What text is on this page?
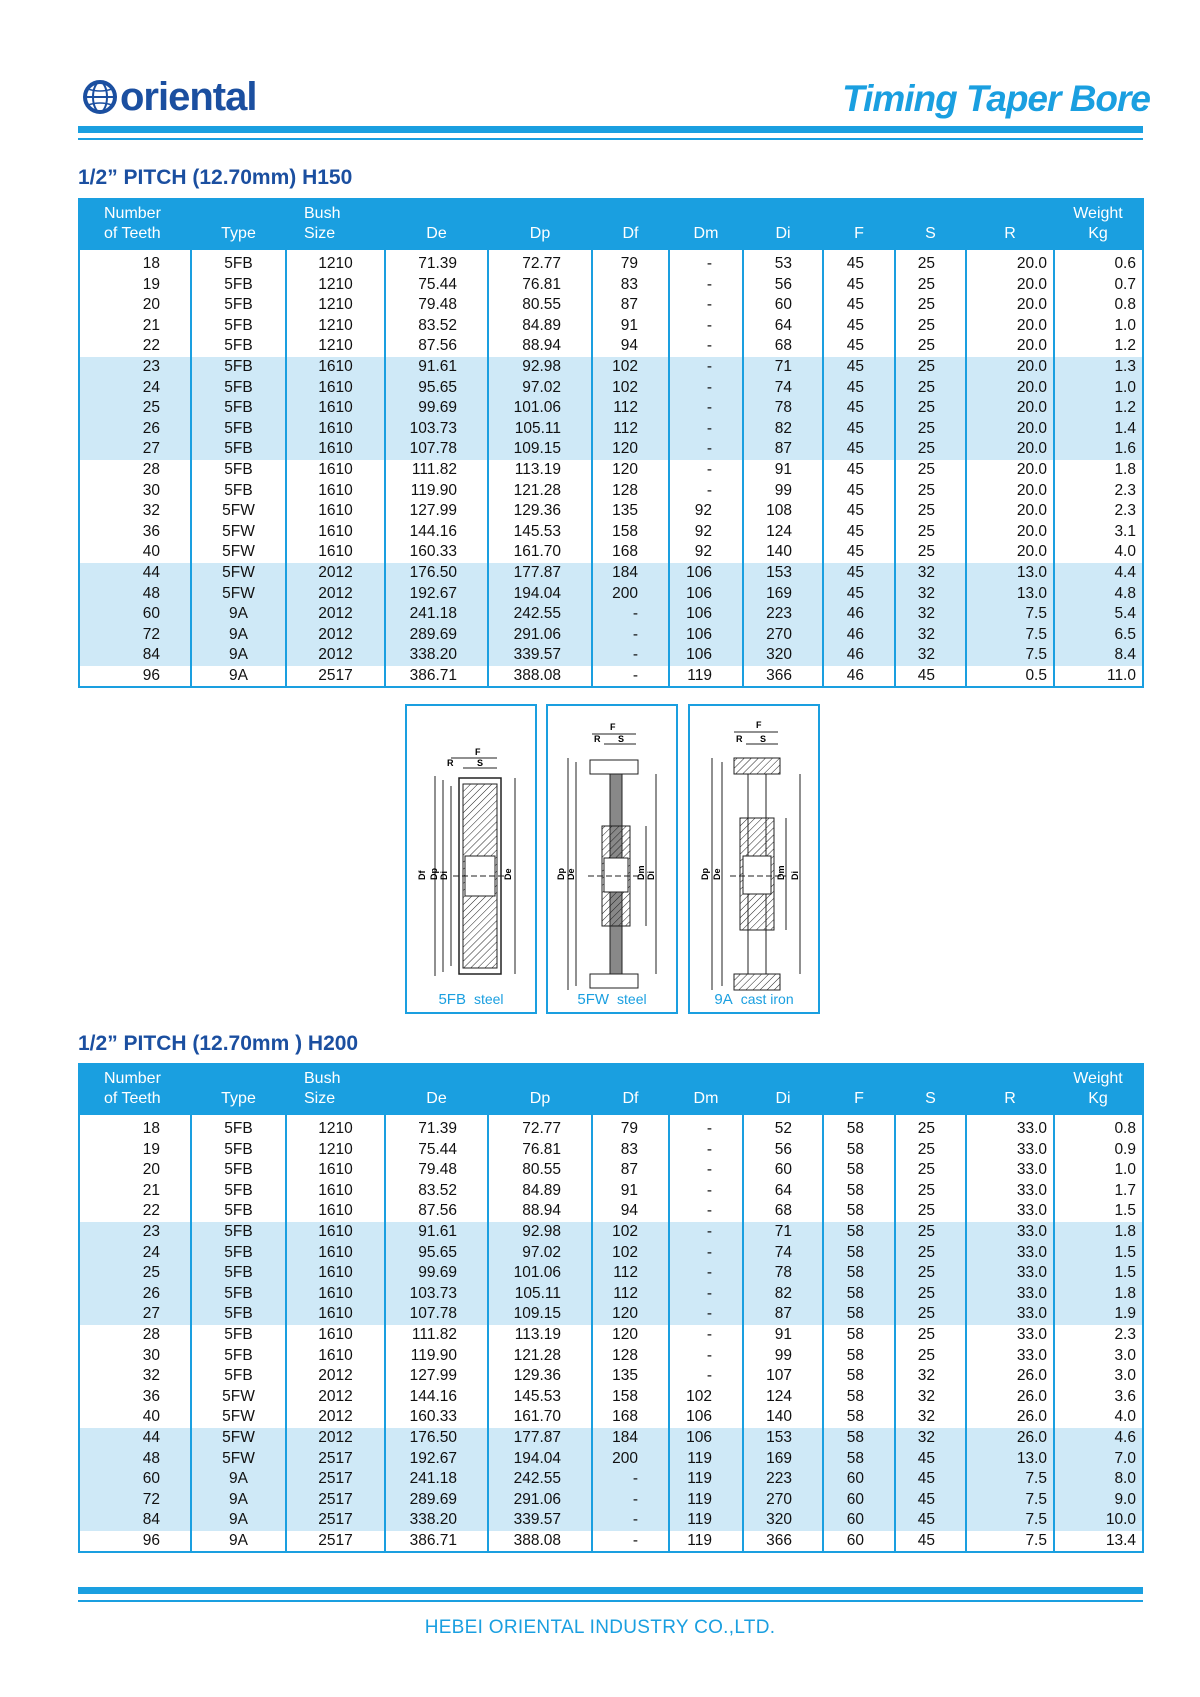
oriental	Timing Taper Bore
1/2” PITCH (12.70mm) H150
Number
of Teeth	Type	Bush
Size	De	Dp	Df	Dm	Di	F	S	R	Weight
Kg
18	5FB	1210	71.39	72.77	79	-	53	45	25	20.0	0.6
19	5FB	1210	75.44	76.81	83	-	56	45	25	20.0	0.7
20	5FB	1210	79.48	80.55	87	-	60	45	25	20.0	0.8
21	5FB	1210	83.52	84.89	91	-	64	45	25	20.0	1.0
22	5FB	1210	87.56	88.94	94	-	68	45	25	20.0	1.2
23	5FB	1610	91.61	92.98	102	-	71	45	25	20.0	1.3
24	5FB	1610	95.65	97.02	102	-	74	45	25	20.0	1.0
25	5FB	1610	99.69	101.06	112	-	78	45	25	20.0	1.2
26	5FB	1610	103.73	105.11	112	-	82	45	25	20.0	1.4
27	5FB	1610	107.78	109.15	120	-	87	45	25	20.0	1.6
28	5FB	1610	111.82	113.19	120	-	91	45	25	20.0	1.8
30	5FB	1610	119.90	121.28	128	-	99	45	25	20.0	2.3
32	5FW	1610	127.99	129.36	135	92	108	45	25	20.0	2.3
36	5FW	1610	144.16	145.53	158	92	124	45	25	20.0	3.1
40	5FW	1610	160.33	161.70	168	92	140	45	25	20.0	4.0
44	5FW	2012	176.50	177.87	184	106	153	45	32	13.0	4.4
48	5FW	2012	192.67	194.04	200	106	169	45	32	13.0	4.8
60	9A	2012	241.18	242.55	-	106	223	46	32	7.5	5.4
72	9A	2012	289.69	291.06	-	106	270	46	32	7.5	6.5
84	9A	2012	338.20	339.57	-	106	320	46	32	7.5	8.4
96	9A	2517	386.71	388.08	-	119	366	46	45	0.5	11.0
Df Dp Di	De
R
F
S
5FB steel
Dp De	Dm Di
F
R S
5FW steel
Dp De	Dm Di
F
R S
9A cast iron
1/2” PITCH (12.70mm ) H200
Number
of Teeth	Type	Bush
Size	De	Dp	Df	Dm	Di	F	S	R	Weight
Kg
18	5FB	1210	71.39	72.77	79	-	52	58	25	33.0	0.8
19	5FB	1210	75.44	76.81	83	-	56	58	25	33.0	0.9
20	5FB	1610	79.48	80.55	87	-	60	58	25	33.0	1.0
21	5FB	1610	83.52	84.89	91	-	64	58	25	33.0	1.7
22	5FB	1610	87.56	88.94	94	-	68	58	25	33.0	1.5
23	5FB	1610	91.61	92.98	102	-	71	58	25	33.0	1.8
24	5FB	1610	95.65	97.02	102	-	74	58	25	33.0	1.5
25	5FB	1610	99.69	101.06	112	-	78	58	25	33.0	1.5
26	5FB	1610	103.73	105.11	112	-	82	58	25	33.0	1.8
27	5FB	1610	107.78	109.15	120	-	87	58	25	33.0	1.9
28	5FB	1610	111.82	113.19	120	-	91	58	25	33.0	2.3
30	5FB	1610	119.90	121.28	128	-	99	58	25	33.0	3.0
32	5FB	2012	127.99	129.36	135	-	107	58	32	26.0	3.0
36	5FW	2012	144.16	145.53	158	102	124	58	32	26.0	3.6
40	5FW	2012	160.33	161.70	168	106	140	58	32	26.0	4.0
44	5FW	2012	176.50	177.87	184	106	153	58	32	26.0	4.6
48	5FW	2517	192.67	194.04	200	119	169	58	45	13.0	7.0
60	9A	2517	241.18	242.55	-	119	223	60	45	7.5	8.0
72	9A	2517	289.69	291.06	-	119	270	60	45	7.5	9.0
84	9A	2517	338.20	339.57	-	119	320	60	45	7.5	10.0
96	9A	2517	386.71	388.08	-	119	366	60	45	7.5	13.4
HEBEI ORIENTAL INDUSTRY CO.,LTD.
